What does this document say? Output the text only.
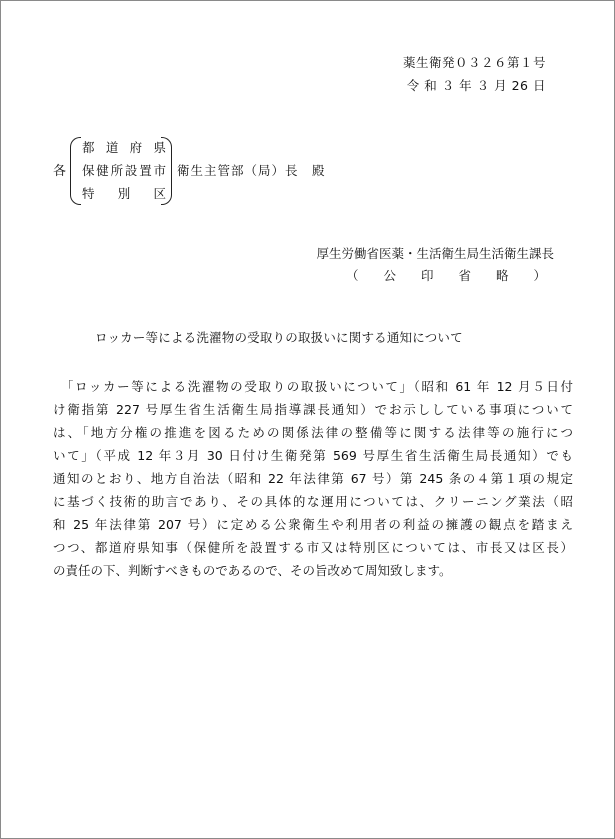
薬生衛発０３２６第１号
令 和 ３ 年 ３ 月 26 日
各
都道府県
保健所設置市
特別区
衛生主管部（局）長　殿
厚生労働省医薬・生活衛生局生活衛生課長
（公印省略）
ロッカー等による洗濯物の受取りの取扱いに関する通知について
　「ロッカー等による洗濯物の受取りの取扱いについて」（昭和 61 年 12 月５日付
け衛指第 227 号厚生省生活衛生局指導課長通知）でお示ししている事項について
は、「地方分権の推進を図るための関係法律の整備等に関する法律等の施行につ
いて」（平成 12 年３月 30 日付け生衛発第 569 号厚生省生活衛生局長通知）でも
通知のとおり、地方自治法（昭和 22 年法律第 67 号）第 245 条の４第１項の規定
に基づく技術的助言であり、その具体的な運用については、クリーニング業法（昭
和 25 年法律第 207 号）に定める公衆衛生や利用者の利益の擁護の観点を踏まえ
つつ、都道府県知事（保健所を設置する市又は特別区については、市長又は区長）
の責任の下、判断すべきものであるので、その旨改めて周知致します。
